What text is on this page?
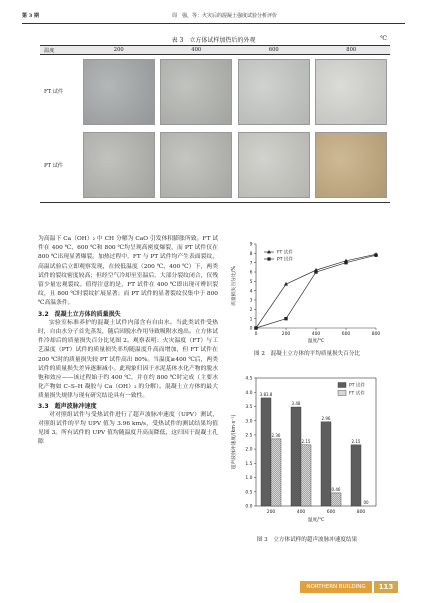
第 3 期	周　强，等：火灾后的混凝土强度试验分析评价
表 3　立方体试样加热后的外观	℃
温度	200	400	600	800
FT 试件	

PT 试件	

为高温下 Ca（OH）₂ 中 CH 分解为 CaO 引发体积膨胀所致。FT 试件在 400 ℃、600 ℃和 800 ℃均呈现高密度爆裂，而 PT 试件仅在 800 ℃出现显著爆裂。加热过程中，FT 与 PT 试件均产生表面裂纹，高温试验后立即观察发现，在较低温度（200 ℃、400 ℃）下，两类试件的裂纹密度较高；但经空气冷却至室温后，大部分裂纹闭合，仅残留少量宏观裂纹。值得注意的是，FT 试件在 400 ℃即出现可辨识裂纹，且 800 ℃时裂纹扩展显著；而 PT 试件的显著裂纹仅集中于 800 ℃高温条件。

3.2　混凝土立方体的质量损失

实验室标准养护的混凝土试件内部含有自由水。当此类试件受热时，自由水分子首先蒸发，随后因脱水作用导致吸附水逸出。立方体试件冷却后的质量损失百分比见图 2。观察表明：火灾温度（FT）与工艺温度（PT）试件的质量损失率均随温度升高而增加，但 FT 试件在 200 ℃时的质量损失较 PT 试件高出 80%。当温度≥400 ℃后，两类试件的质量损失差异逐渐减小。此现象归因于水泥基体水化产物的脱水饱和效应——该过程始于约 400 ℃，并在约 800 ℃时完成（主要水化产物如 C–S–H 凝胶与 Ca（OH）₂ 的分解）。混凝土立方体的最大质量损失规律与现有研究结论具有一致性。

3.3　超声波脉冲速度

对对照组试件与受热试件进行了超声波脉冲速度（UPV）测试，对照组试件的平均 UPV 值为 3.96 km/s，受热试件的测试结果均值见图 3。所有试件的 UPV 值均随温度升高而降低，这归因于混凝土孔隙

0
1
2
3
4
5
6
7
8
9
0	200	400	600	800
温度/℃
质量损失百分比/%
FT 试件
PT 试件
图 2　混凝土立方体的平均质量损失百分比
0.0
0.5
1.0
1.5
2.0
2.5
3.0
3.5
4.0
4.5
200
3.83.8
2.36
400
3.48
2.15
600
2.96
0.46
800
2.15
00
温度/℃
超声波脉冲速度/(km·s⁻¹)
PT 试件
FT 试件
图 3　立方体试样的超声波脉冲速度结果
NORTHERN BUILDING	113
